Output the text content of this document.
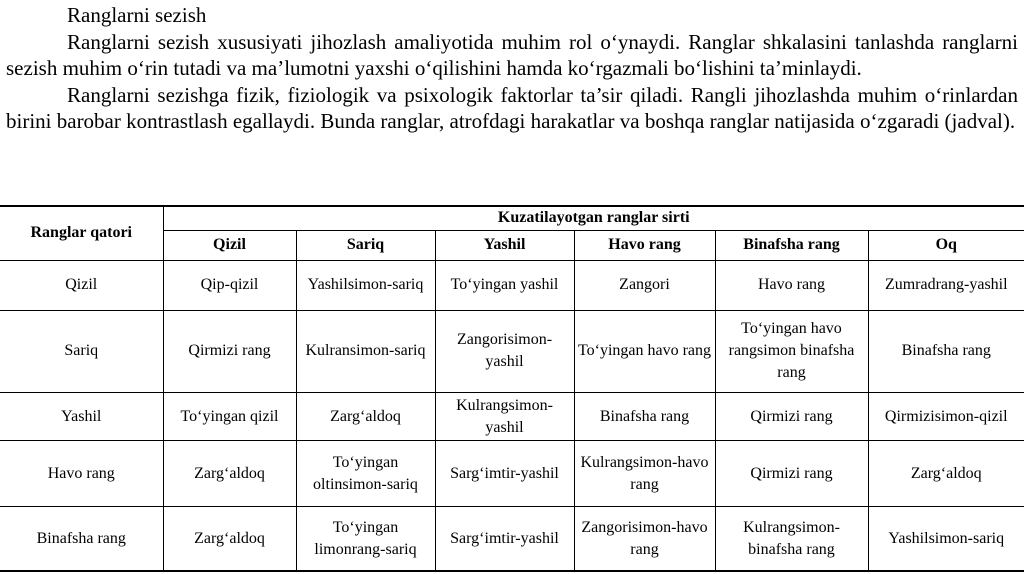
Ranglarni sezish

Ranglarni sezish xususiyati jihozlash amaliyotida muhim rol o‘ynaydi. Ranglar shkalasini tanlashda ranglarni sezish muhim o‘rin tutadi va ma’lumotni yaxshi o‘qilishini hamda ko‘rgazmali bo‘lishini ta’minlaydi.

Ranglarni sezishga fizik, fiziologik va psixologik faktorlar ta’sir qiladi. Rangli jihozlashda muhim o‘rinlardan birini barobar kontrastlash egallaydi. Bunda ranglar, atrofdagi harakatlar va boshqa ranglar natijasida o‘zgaradi (jadval).

Ranglar qatori	Kuzatilayotgan ranglar sirti					
	Qizil	Sariq	Yashil	Havo rang	Binafsha rang	Oq
Qizil	Qip-qizil	Yashilsimon-sariq	To‘yingan yashil	Zangori	Havo rang	Zumradrang-yashil
Sariq	Qirmizi rang	Kulransimon-sariq	Zangorisimon-yashil	To‘yingan havo rang	To‘yingan havo rangsimon binafsha rang	Binafsha rang
Yashil	To‘yingan qizil	Zarg‘aldoq	Kulrangsimon-yashil	Binafsha rang	Qirmizi rang	Qirmizisimon-qizil
Havo rang	Zarg‘aldoq	To‘yingan oltinsimon-sariq	Sarg‘imtir-yashil	Kulrangsimon-havo rang	Qirmizi rang	Zarg‘aldoq
Binafsha rang	Zarg‘aldoq	To‘yingan limonrang-sariq	Sarg‘imtir-yashil	Zangorisimon-havo rang	Kulrangsimon-binafsha rang	Yashilsimon-sariq
